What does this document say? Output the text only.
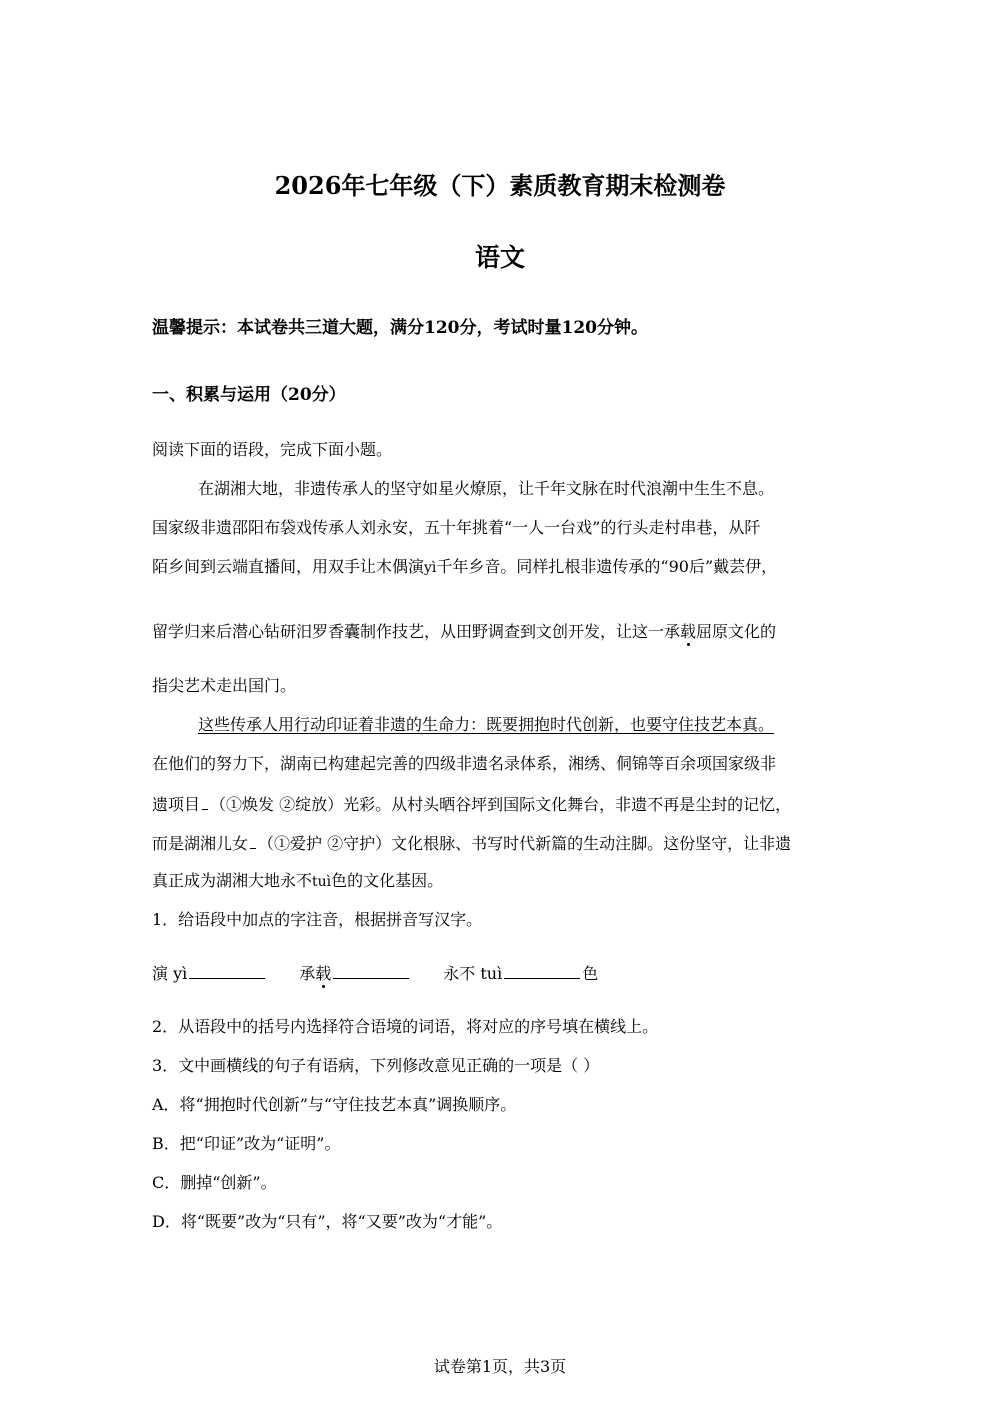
2026年七年级（下）素质教育期末检测卷
语文
温馨提示：本试卷共三道大题，满分120分，考试时量120分钟。
一、积累与运用（20分）
阅读下面的语段，完成下面小题。
在湖湘大地，非遗传承人的坚守如星火燎原，让千年文脉在时代浪潮中生生不息。
国家级非遗邵阳布袋戏传承人刘永安，五十年挑着“一人一台戏”的行头走村串巷，从阡
陌乡间到云端直播间，用双手让木偶演yì千年乡音。同样扎根非遗传承的“90后”戴芸伊，
留学归来后潜心钻研汨罗香囊制作技艺，从田野调查到文创开发，让这一承载屈原文化的
指尖艺术走出国门。
这些传承人用行动印证着非遗的生命力：既要拥抱时代创新，也要守住技艺本真。
在他们的努力下，湖南已构建起完善的四级非遗名录体系，湘绣、侗锦等百余项国家级非
遗项目 （①焕发 ②绽放）光彩。从村头晒谷坪到国际文化舞台，非遗不再是尘封的记忆，
而是湖湘儿女 （①爱护 ②守护）文化根脉、书写时代新篇的生动注脚。这份坚守，让非遗
真正成为湖湘大地永不tuì色的文化基因。
1．给语段中加点的字注音，根据拼音写汉字。
演 yì	承载	永不 tuì	色
2．从语段中的括号内选择符合语境的词语，将对应的序号填在横线上。
3．文中画横线的句子有语病，下列修改意见正确的一项是（ ）
A．将“拥抱时代创新”与“守住技艺本真”调换顺序。
B．把“印证”改为“证明”。
C．删掉“创新”。
D．将“既要”改为“只有”，将“又要”改为“才能”。
试卷第1页，共3页
